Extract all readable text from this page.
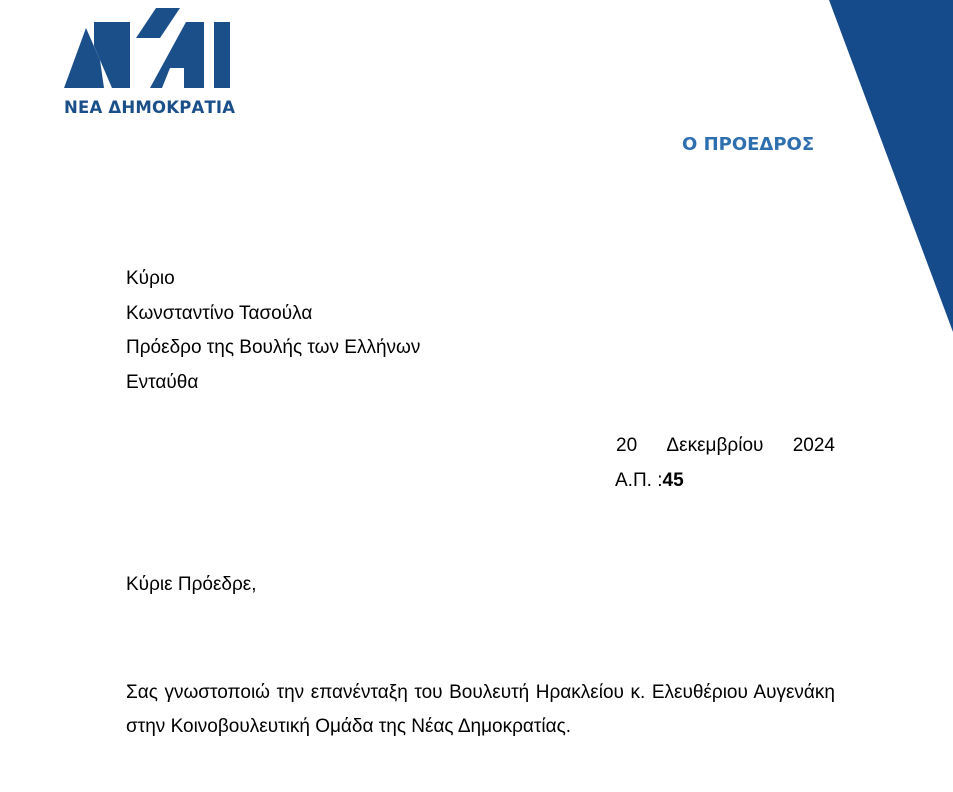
ΝΕΑ ΔΗΜΟΚΡΑΤΙΑ
Ο ΠΡΟΕΔΡΟΣ
Κύριο
Κωνσταντίνο Τασούλα
Πρόεδρο της Βουλής των Ελλήνων
Ενταύθα
20 Δεκεμβρίου 2024
Α.Π. :45
Κύριε Πρόεδρε,
Σας γνωστοποιώ την επανένταξη του Βουλευτή Ηρακλείου κ. Ελευθέριου Αυγενάκη στην Κοινοβουλευτική Ομάδα της Νέας Δημοκρατίας.
